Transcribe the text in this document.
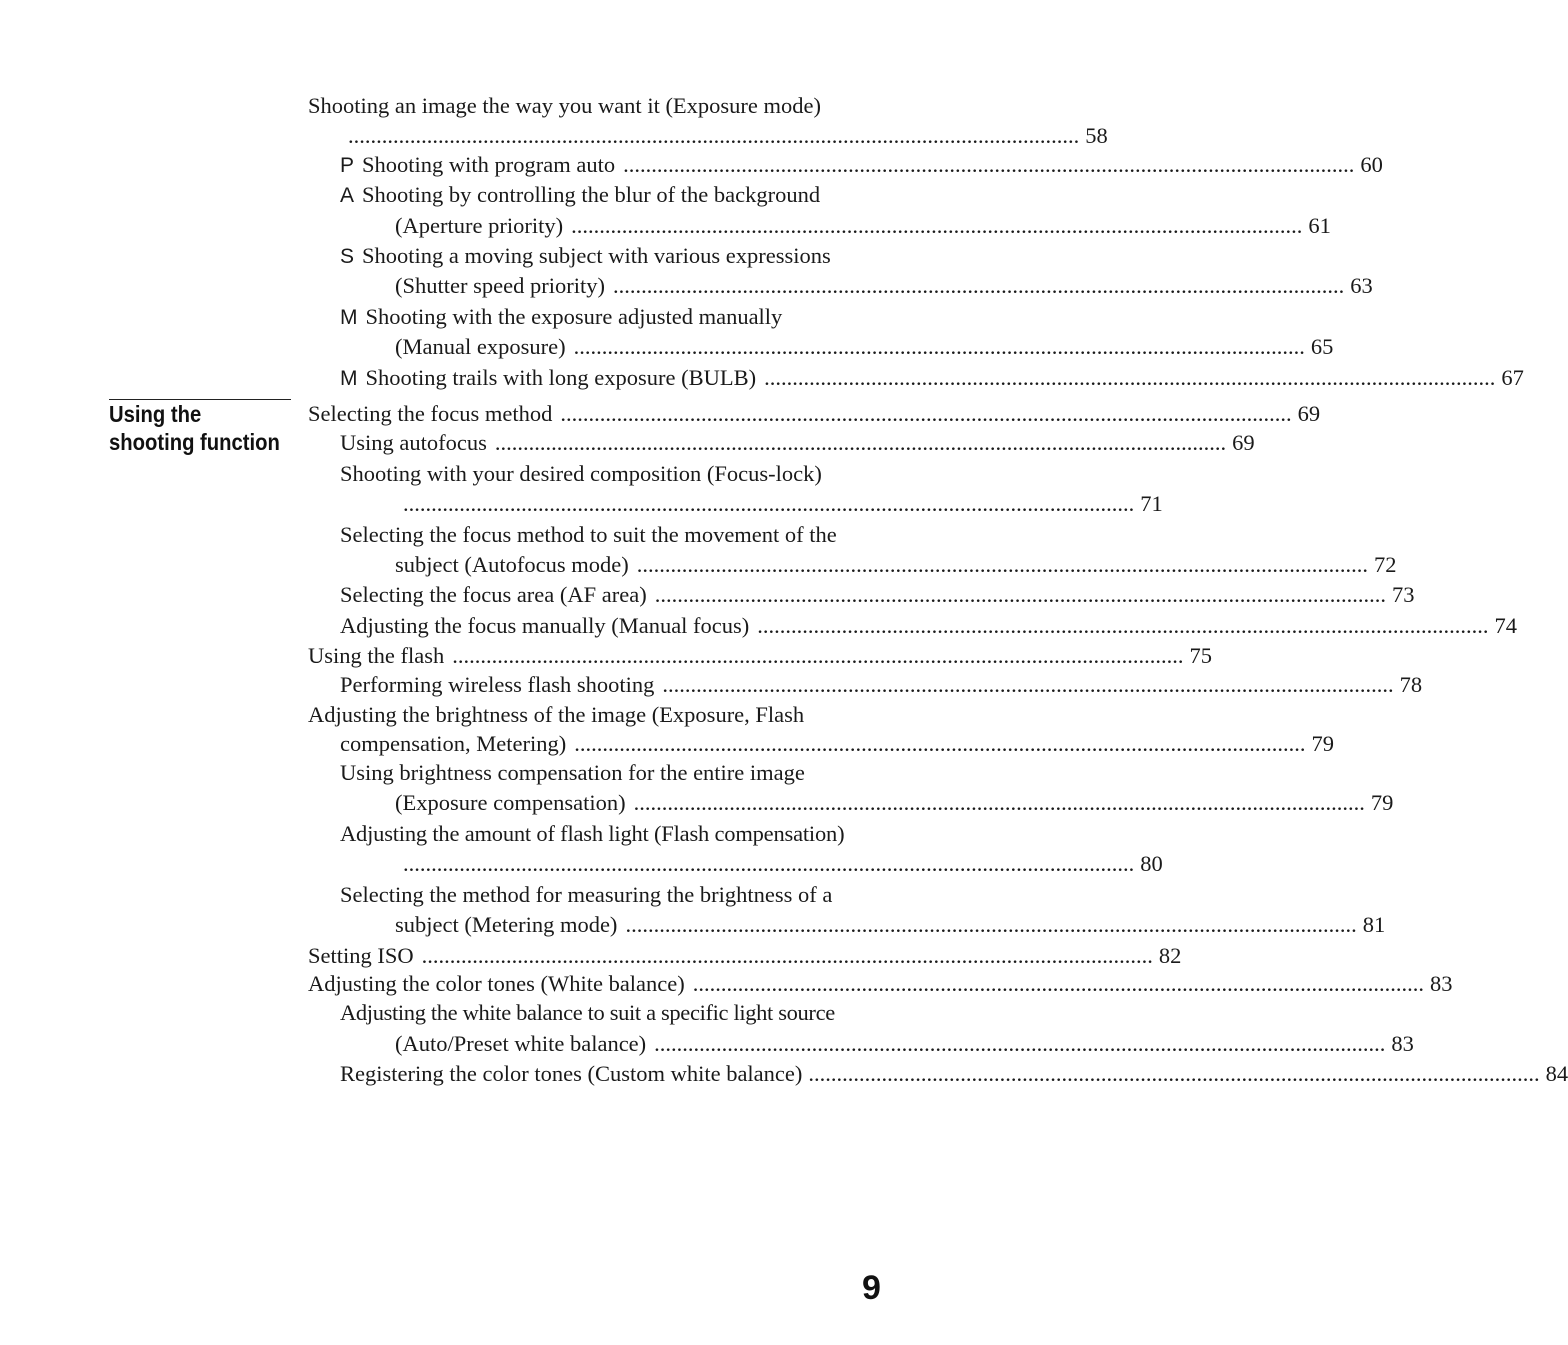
Shooting an image the way you want it (Exposure mode)
.................................................................................................................................. 58
P Shooting with program auto .................................................................................................................................. 60
A Shooting by controlling the blur of the background
(Aperture priority) .................................................................................................................................. 61
S Shooting a moving subject with various expressions
(Shutter speed priority) .................................................................................................................................. 63
M Shooting with the exposure adjusted manually
(Manual exposure) .................................................................................................................................. 65
M Shooting trails with long exposure (BULB) .................................................................................................................................. 67
Using the
shooting function
Selecting the focus method .................................................................................................................................. 69
Using autofocus .................................................................................................................................. 69
Shooting with your desired composition (Focus-lock)
.................................................................................................................................. 71
Selecting the focus method to suit the movement of the
subject (Autofocus mode) .................................................................................................................................. 72
Selecting the focus area (AF area) .................................................................................................................................. 73
Adjusting the focus manually (Manual focus) .................................................................................................................................. 74
Using the flash .................................................................................................................................. 75
Performing wireless flash shooting .................................................................................................................................. 78
Adjusting the brightness of the image (Exposure, Flash
compensation, Metering) .................................................................................................................................. 79
Using brightness compensation for the entire image
(Exposure compensation) .................................................................................................................................. 79
Adjusting the amount of flash light (Flash compensation)
.................................................................................................................................. 80
Selecting the method for measuring the brightness of a
subject (Metering mode) .................................................................................................................................. 81
Setting ISO .................................................................................................................................. 82
Adjusting the color tones (White balance) .................................................................................................................................. 83
Adjusting the white balance to suit a specific light source
(Auto/Preset white balance) .................................................................................................................................. 83
Registering the color tones (Custom white balance) .................................................................................................................................. 84
9
